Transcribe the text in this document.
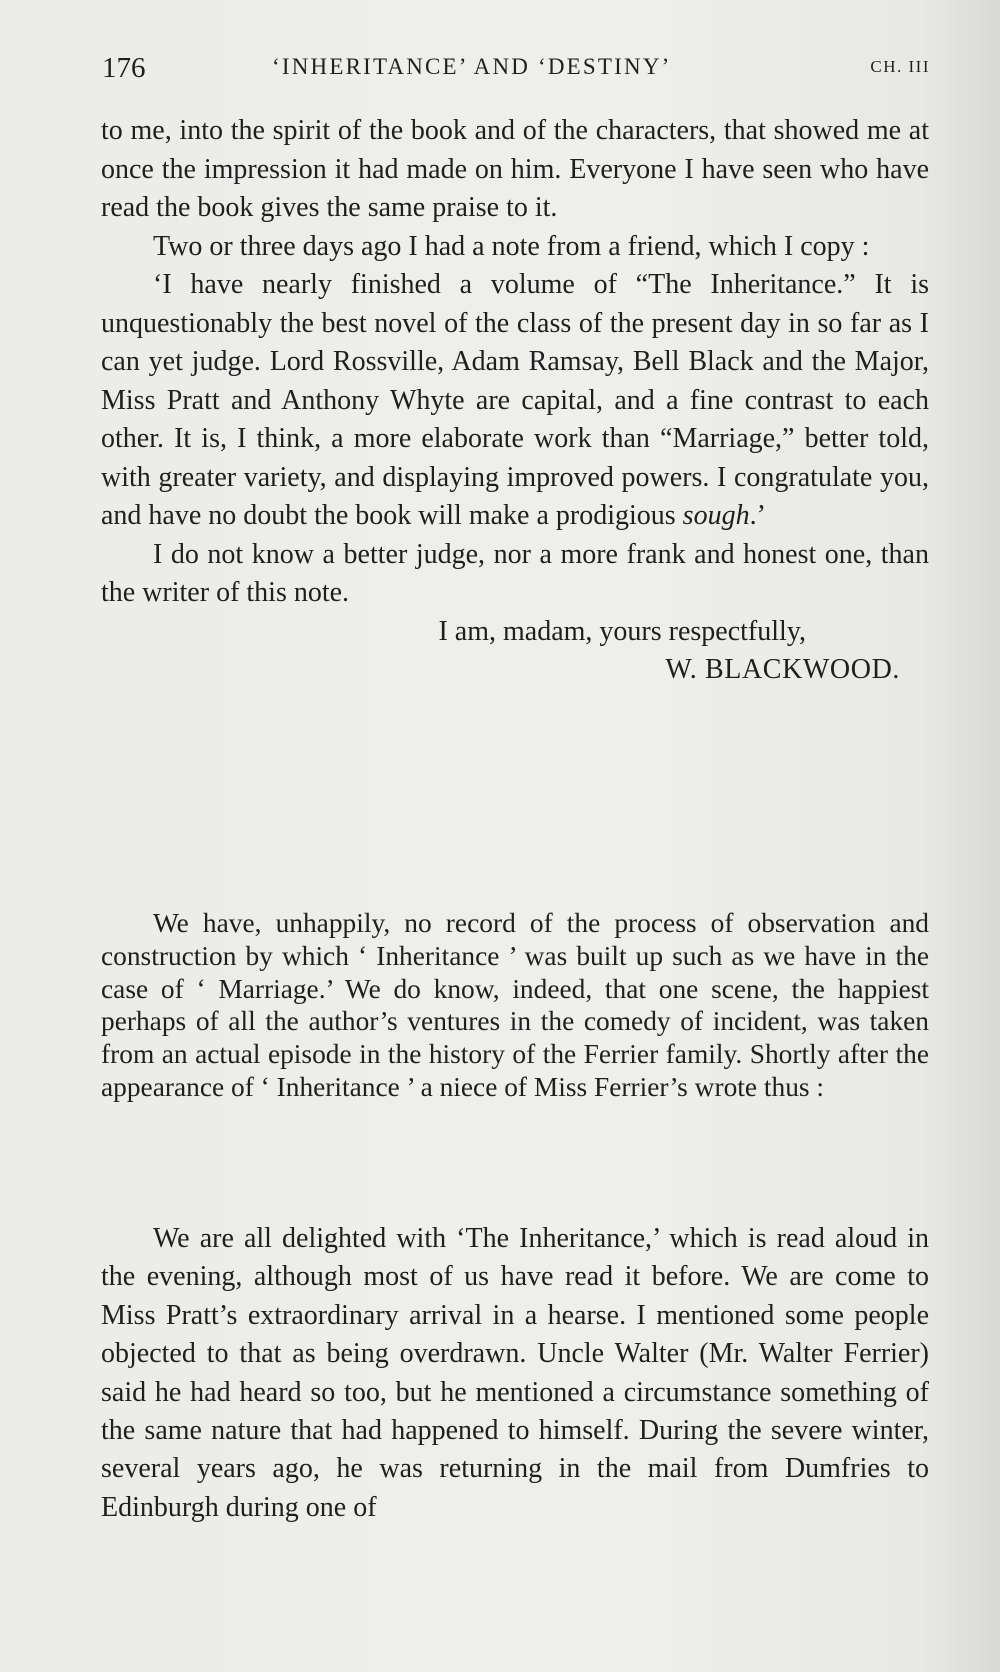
176	‘INHERITANCE’ AND ‘DESTINY’	CH. III

to me, into the spirit of the book and of the characters, that showed me at once the impression it had made on him. Everyone I have seen who have read the book gives the same praise to it.

Two or three days ago I had a note from a friend, which I copy :

‘I have nearly finished a volume of “The Inheritance.” It is unquestionably the best novel of the class of the present day in so far as I can yet judge. Lord Rossville, Adam Ramsay, Bell Black and the Major, Miss Pratt and Anthony Whyte are capital, and a fine contrast to each other. It is, I think, a more elaborate work than “Marriage,” better told, with greater variety, and displaying improved powers. I congratulate you, and have no doubt the book will make a prodigious sough.’

I do not know a better judge, nor a more frank and honest one, than the writer of this note.

I am, madam, yours respectfully,

W. BLACKWOOD.

We have, unhappily, no record of the process of observation and construction by which ‘ Inheritance ’ was built up such as we have in the case of ‘ Marriage.’ We do know, indeed, that one scene, the happiest perhaps of all the author’s ventures in the comedy of incident, was taken from an actual episode in the history of the Ferrier family. Shortly after the appearance of ‘ Inheritance ’ a niece of Miss Ferrier’s wrote thus :

We are all delighted with ‘The Inheritance,’ which is read aloud in the evening, although most of us have read it before. We are come to Miss Pratt’s extraordinary arrival in a hearse. I mentioned some people objected to that as being overdrawn. Uncle Walter (Mr. Walter Ferrier) said he had heard so too, but he mentioned a circumstance something of the same nature that had happened to himself. During the severe winter, several years ago, he was returning in the mail from Dumfries to Edinburgh during one of
